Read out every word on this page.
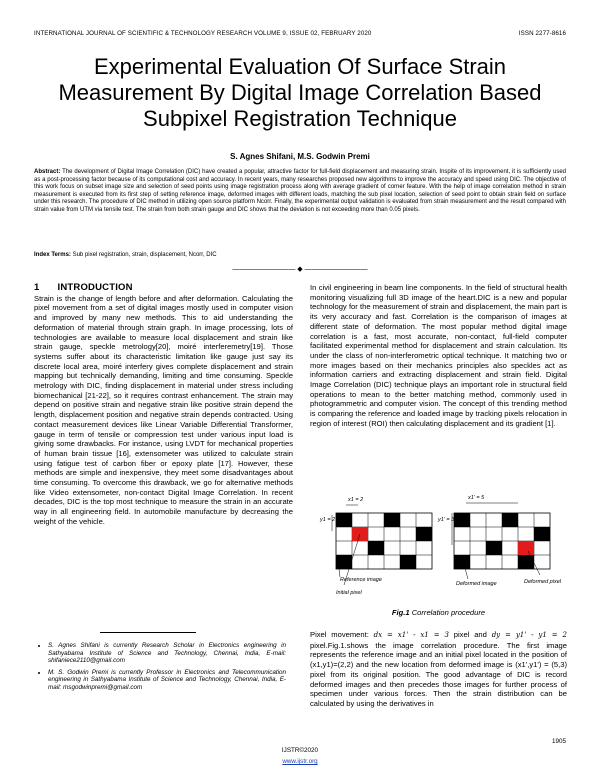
INTERNATIONAL JOURNAL OF SCIENTIFIC & TECHNOLOGY RESEARCH VOLUME 9, ISSUE 02, FEBRUARY 2020	ISSN 2277-8616
Experimental Evaluation Of Surface Strain Measurement By Digital Image Correlation Based Subpixel Registration Technique
S. Agnes Shifani, M.S. Godwin Premi
Abstract: The development of Digital Image Correlation (DIC) have created a popular, attractive factor for full-field displacement and measuring strain. Inspite of its improvement, it is sufficiently used as a post-processing factor because of its computational cost and accuracy. In recent years, many researches proposed new algorithms to improve the accuracy and speed using DIC. The objective of this work focus on subset image size and selection of seed points using image registration process along with average gradient of corner feature. With the help of image correlation method in strain measurement is executed from its first step of setting reference image, deformed images with different loads, matching the sub pixel location, selection of seed point to obtain strain field on surface under this research. The procedure of DIC method in utilizing open source platform Ncorr. Finally, the experimental output validation is evaluated from strain measurement and the result compared with strain value from UTM via tensile test. The strain from both strain gauge and DIC shows that the deviation is not exceeding more than 0.05 pixels.
Index Terms: Sub pixel registration, strain, displacement, Ncorr, DIC
————————— ◆ —————————
1 INTRODUCTION
Strain is the change of length before and after deformation. Calculating the pixel movement from a set of digital images mostly used in computer vision and improved by many new methods. This to aid understanding the deformation of material through strain graph. In image processing, lots of technologies are available to measure local displacement and strain like strain gauge, speckle metrology[20], moiré interferemetry[19]. Those systems suffer about its characteristic limitation like gauge just say its discrete local area, moiré interfery gives complete displacement and strain mapping but technically demanding, limiting and time consuming. Speckle metrology with DIC, finding displacement in material under stress including biomechanical [21-22], so it requires contrast enhancement. The strain may depend on positive strain and negative strain like positive strain depend the length, displacement position and negative strain depends contracted. Using contact measurement devices like Linear Variable Differential Transformer, gauge in term of tensile or compression test under various input load is giving some drawbacks. For instance, using LVDT for mechanical properties of human brain tissue [16], extensometer was utilized to calculate strain using fatigue test of carbon fiber or epoxy plate [17]. However, these methods are simple and inexpensive, they meet some disadvantages about time consuming. To overcome this drawback, we go for alternative methods like Video extensometer, non-contact Digital Image Correlation. In recent decades, DIC is the top most technique to measure the strain in an accurate way in all engineering field. In automobile manufacture by decreasing the weight of the vehicle.
In civil engineering in beam line components. In the field of structural health monitoring visualizing full 3D image of the heart.DIC is a new and popular technology for the measurement of strain and displacement, the main part is its very accuracy and fast. Correlation is the comparison of images at different state of deformation. The most popular method digital image correlation is a fast, most accurate, non-contact, full-field computer facilitated experimental method for displacement and strain calculation. Its under the class of non-interferometric optical technique. It matching two or more images based on their mechanics principles also speckles act as information carriers and extracting displacement and strain field. Digital Image Correlation (DIC) technique plays an important role in structural field operations to mean to the better matching method, commonly used in photogrammetric and computer vision. The concept of this trending method is comparing the reference and loaded image by tracking pixels relocation in region of interest (ROI) then calculating displacement and its gradient [1].
x1 = 2
y1 = 2
Reference image
Initial pixel
x1' = 5
y1' = 3
Deformed image	Deformed pixel
Fig.1 Correlation procedure
Pixel movement: dx = x1' - x1 = 3 pixel and dy = y1' - y1 = 2 pixel.Fig.1.shows the image correlation procedure. The first image represents the reference image and an initial pixel located in the position of (x1,y1)=(2,2) and the new location from deformed image is (x1',y1') = (5,3) pixel from its original position. The good advantage of DIC is record deformed images and then precedes those images for further process of specimen under various forces. Then the strain distribution can be calculated by using the derivatives in
• S. Agnes Shifani is currently Research Scholar in Electronics engineering in Sathyabama Institute of Science and Technology, Chennai, India, E-mail: shifaniece2110@gmail.com
• M. S. Godwin Premi is currently Professor in Electronics and Telecommunication engineering in Sathyabama Institute of Science and Technology, Chennai, India, E-mail: msgodwinpremi@gmail.com
1905
IJSTR©2020
www.ijstr.org
